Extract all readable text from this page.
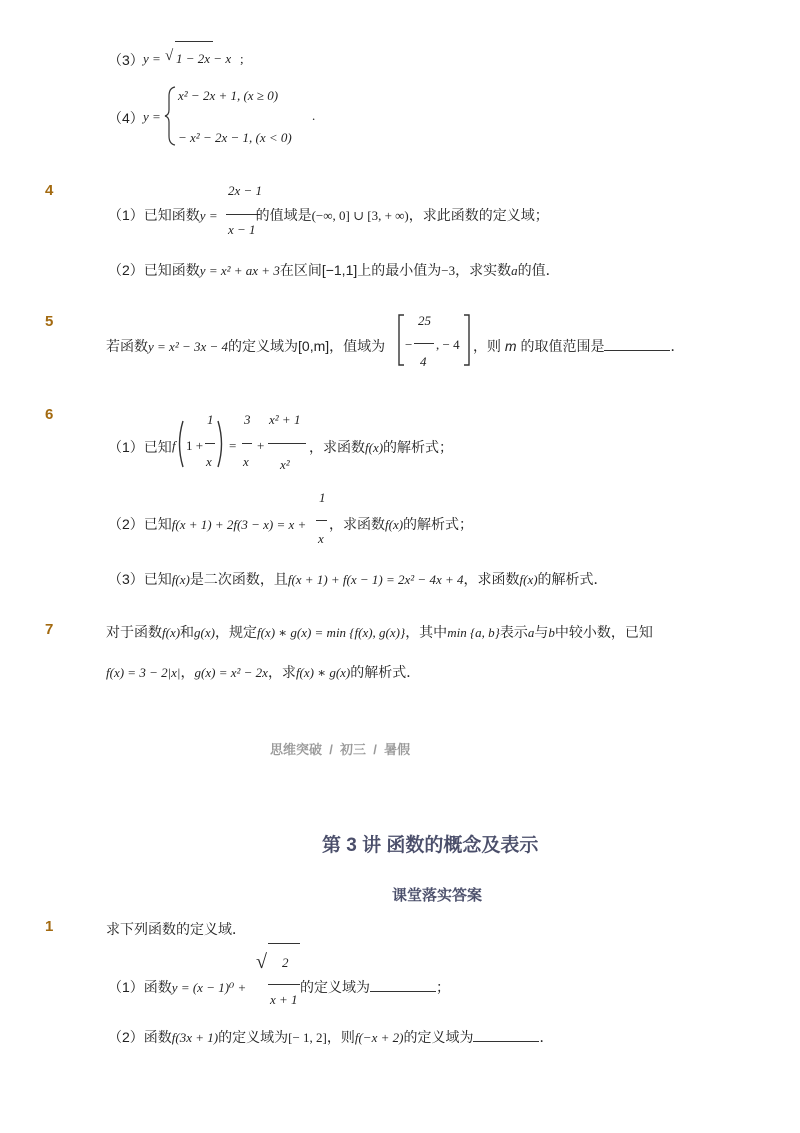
（3） y = √ 1 − 2x − x ;
（4） y =
x² − 2x + 1, (x ≥ 0)
− x² − 2x − 1, (x < 0)
.
4	2x − 1
x − 1
（1）已知函数y =	的值域是(−∞, 0] ∪ [3, + ∞)，求此函数的定义域；
（2）已知函数y = x² + ax + 3在区间[−1,1]上的最小值为−3，求实数a的值．
5
若函数y = x² − 3x − 4的定义域为[0,m]，值域为 −
25
4
, − 4 ，则 m 的取值范围是	．
6
（1）已知 f 1 +
1
x
=
3
x
+
x² + 1
x²
，求函数f(x)的解析式；
（2）已知f(x + 1) + 2f(3 − x) = x +
1
x
，求函数f(x)的解析式；
（3）已知f(x)是二次函数，且f(x + 1) + f(x − 1) = 2x² − 4x + 4，求函数f(x)的解析式．
7	对于函数f(x)和g(x)，规定f(x) ∗ g(x) = min {f(x), g(x)}，其中min {a, b}表示a与b中较小数，已知
f(x) = 3 − 2|x|，g(x) = x² − 2x，求f(x) ∗ g(x)的解析式．
思维突破  /  初三  /  暑假
第 3 讲 函数的概念及表示
课堂落实答案
1	求下列函数的定义域．
（1）函数y = (x − 1)⁰ +
√ 2
x + 1
的定义域为	；
（2）函数f(3x + 1)的定义域为[− 1, 2]，则f(−x + 2)的定义域为	．
